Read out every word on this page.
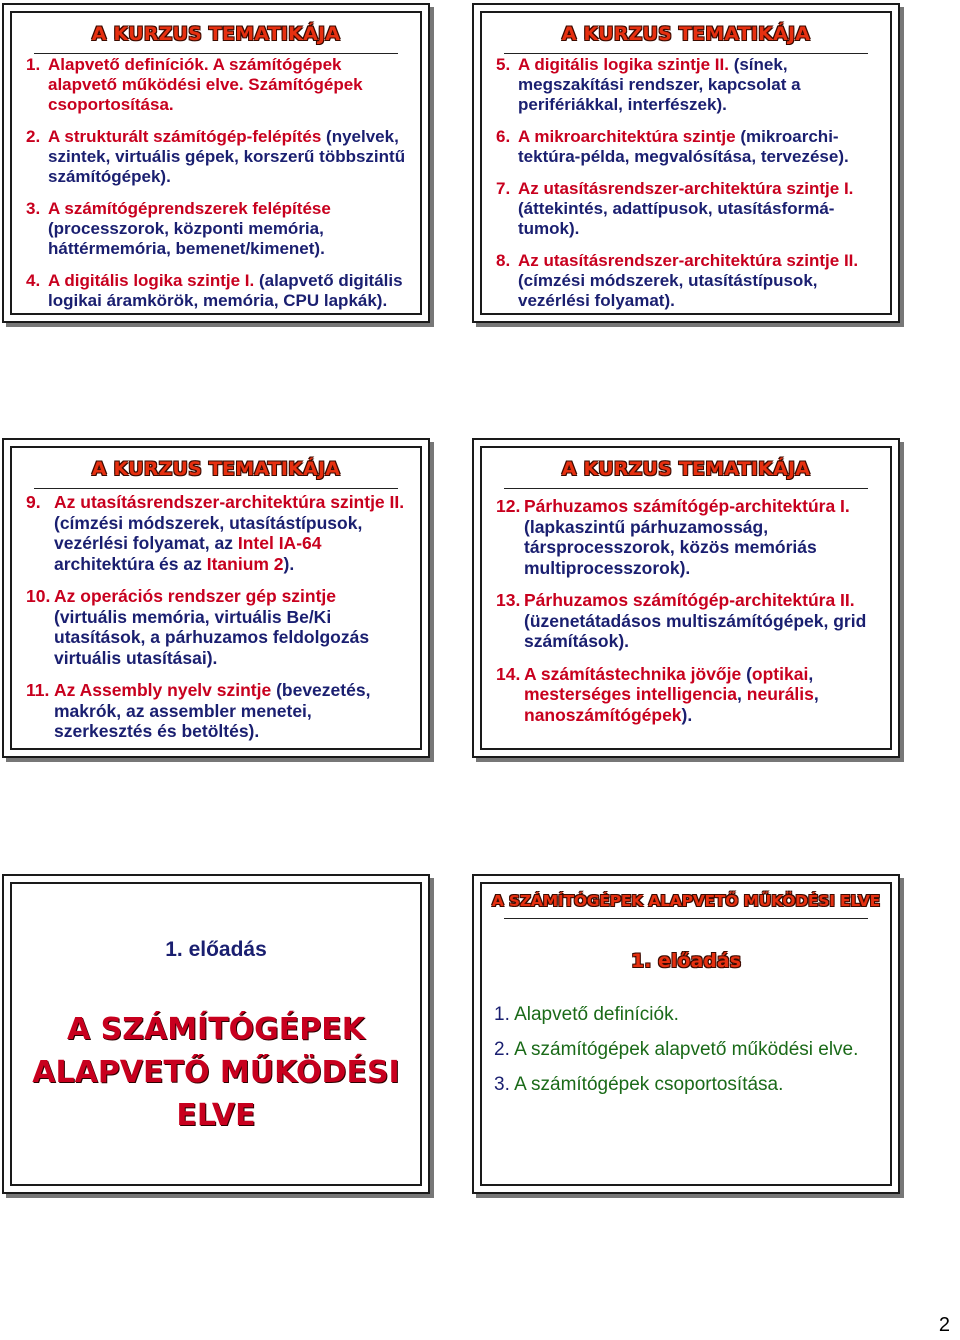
A KURZUS TEMATIKÁJA
1. Alapvető definíciók. A számítógépek alapvető működési elve. Számítógépek csoportosítása.
2. A strukturált számítógép-felépítés (nyelvek, szintek, virtuális gépek, korszerű többszintű számítógépek).
3. A számítógéprendszerek felépítése (processzorok, központi memória, háttérmemória, bemenet/kimenet).
4. A digitális logika szintje I. (alapvető digitális logikai áramkörök, memória, CPU lapkák).
A KURZUS TEMATIKÁJA
5. A digitális logika szintje II. (sínek, megszakítási rendszer, kapcsolat a perifériákkal, interfészek).
6. A mikroarchitektúra szintje (mikroarchi-tektúra-példa, megvalósítása, tervezése).
7. Az utasításrendszer-architektúra szintje I. (áttekintés, adattípusok, utasításformá-tumok).
8. Az utasításrendszer-architektúra szintje II. (címzési módszerek, utasítástípusok, vezérlési folyamat).
A KURZUS TEMATIKÁJA
9. Az utasításrendszer-architektúra szintje II. (címzési módszerek, utasítástípusok, vezérlési folyamat, az Intel IA-64 architektúra és az Itanium 2).
10. Az operációs rendszer gép szintje (virtuális memória, virtuális Be/Ki utasítások, a párhuzamos feldolgozás virtuális utasításai).
11. Az Assembly nyelv szintje (bevezetés, makrók, az assembler menetei, szerkesztés és betöltés).
A KURZUS TEMATIKÁJA
12. Párhuzamos számítógép-architektúra I. (lapkaszintű párhuzamosság, társprocesszorok, közös memóriás multiprocesszorok).
13. Párhuzamos számítógép-architektúra II. (üzenetátadásos multiszámítógépek, grid számítások).
14. A számítástechnika jövője (optikai, mesterséges intelligencia, neurális, nanoszámítógépek).
1. előadás
A SZÁMÍTÓGÉPEK
ALAPVETŐ MŰKÖDÉSI
ELVE
A SZÁMÍTÓGÉPEK ALAPVETŐ MŰKÖDÉSI ELVE
1. előadás
1. Alapvető definíciók.
2. A számítógépek alapvető működési elve.
3. A számítógépek csoportosítása.
2
